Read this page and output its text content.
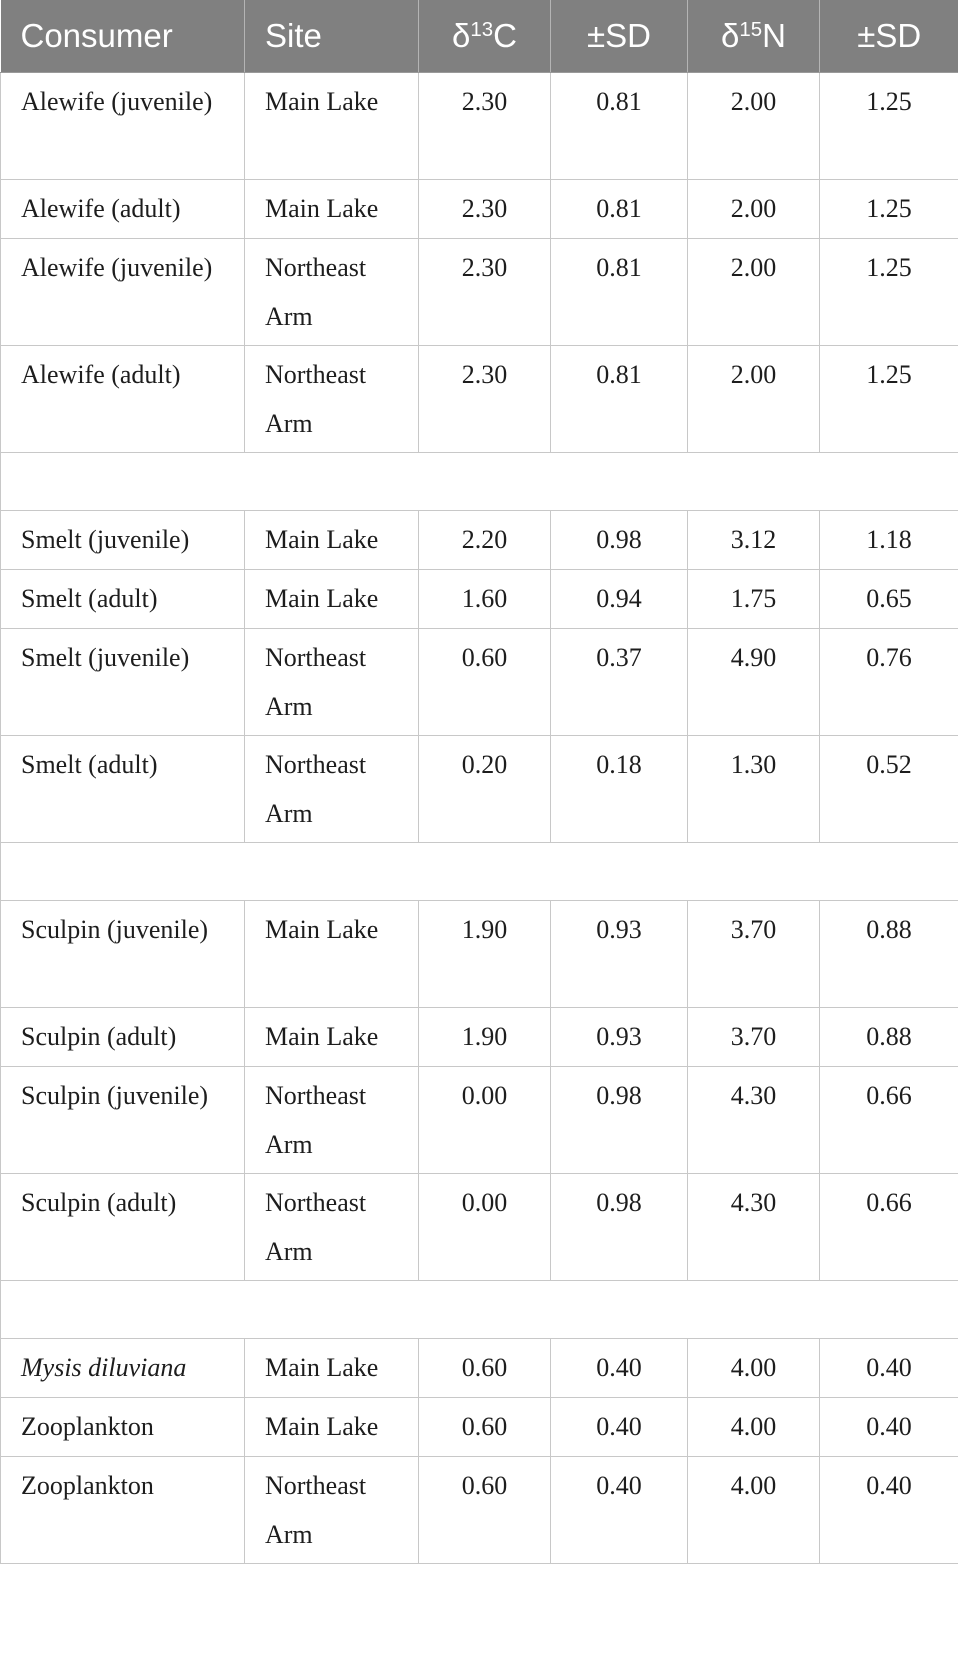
Consumer	Site	$\delta^{13}C$	±SD	$\delta^{15}N$	±SD
Alewife (juvenile)	Main Lake	2.30	0.81	2.00	1.25
Alewife (adult)	Main Lake	2.30	0.81	2.00	1.25
Alewife (juvenile)	Northeast Arm	2.30	0.81	2.00	1.25
Alewife (adult)	Northeast Arm	2.30	0.81	2.00	1.25

Smelt (juvenile)	Main Lake	2.20	0.98	3.12	1.18
Smelt (adult)	Main Lake	1.60	0.94	1.75	0.65
Smelt (juvenile)	Northeast Arm	0.60	0.37	4.90	0.76
Smelt (adult)	Northeast Arm	0.20	0.18	1.30	0.52

Sculpin (juvenile)	Main Lake	1.90	0.93	3.70	0.88
Sculpin (adult)	Main Lake	1.90	0.93	3.70	0.88
Sculpin (juvenile)	Northeast Arm	0.00	0.98	4.30	0.66
Sculpin (adult)	Northeast Arm	0.00	0.98	4.30	0.66

Mysis diluviana	Main Lake	0.60	0.40	4.00	0.40
Zooplankton	Main Lake	0.60	0.40	4.00	0.40
Zooplankton	Northeast Arm	0.60	0.40	4.00	0.40
